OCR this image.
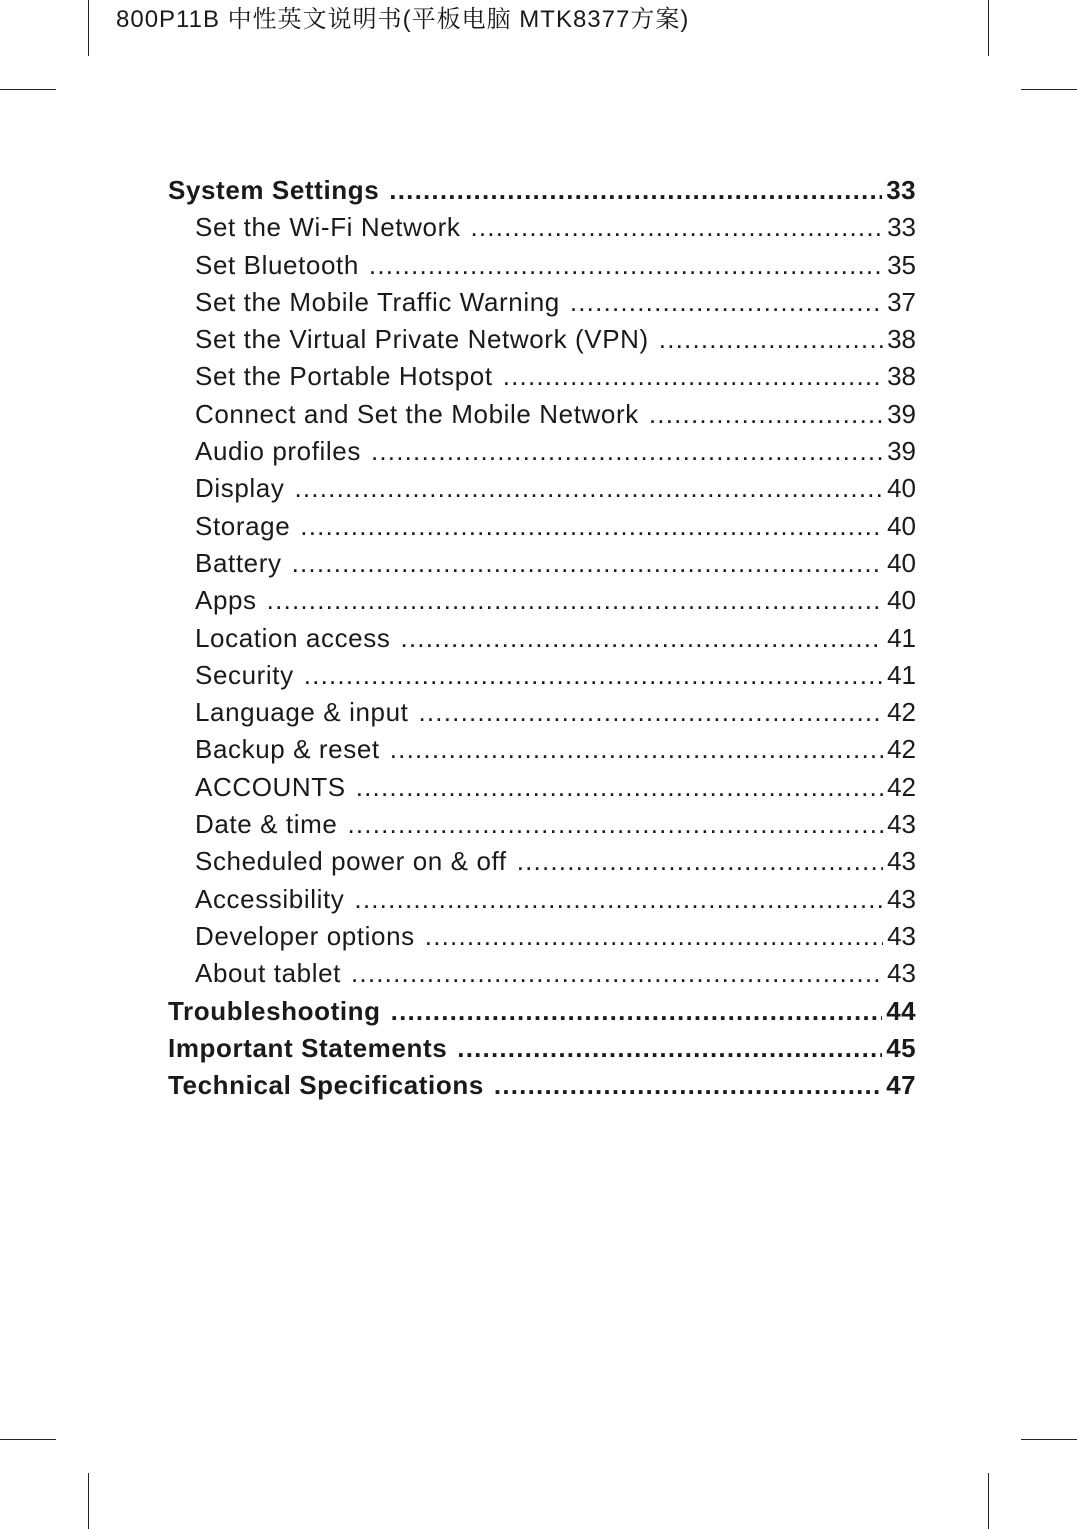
800P11B 中性英文说明书(平板电脑 MTK8377方案)
System Settings .....	33
Set the Wi-Fi Network .....	33
Set Bluetooth .....	35
Set the Mobile Traffic Warning .....	37
Set the Virtual Private Network (VPN) .....	38
Set the Portable Hotspot .....	38
Connect and Set the Mobile Network .....	39
Audio profiles .....	39
Display .....	40
Storage .....	40
Battery .....	40
Apps .....	40
Location access .....	41
Security .....	41
Language & input .....	42
Backup & reset .....	42
ACCOUNTS .....	42
Date & time .....	43
Scheduled power on & off .....	43
Accessibility .....	43
Developer options .....	43
About tablet .....	43
Troubleshooting .....	44
Important Statements .....	45
Technical Specifications .....	47
